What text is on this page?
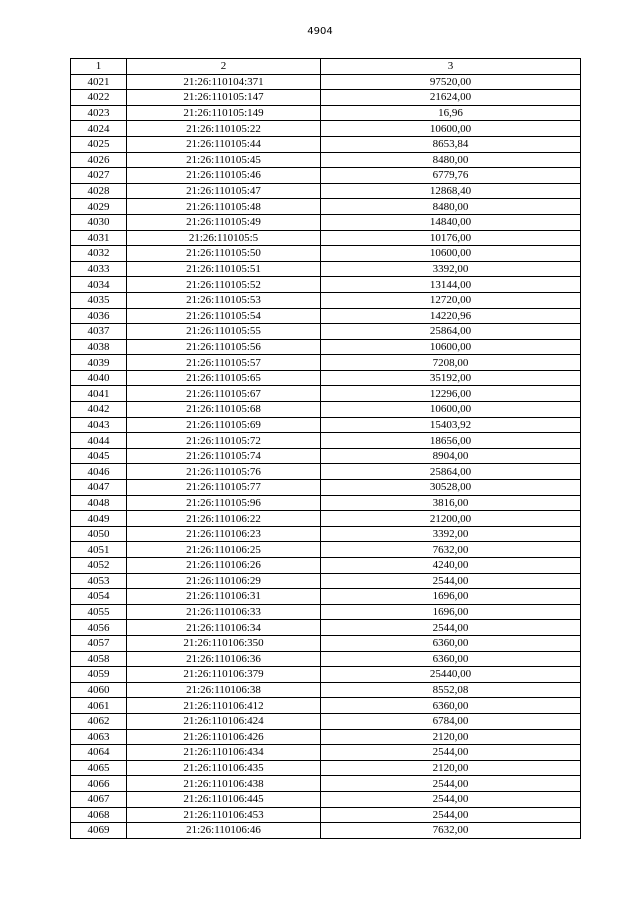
4904
1	2	3
4021	21:26:110104:371	97520,00
4022	21:26:110105:147	21624,00
4023	21:26:110105:149	16,96
4024	21:26:110105:22	10600,00
4025	21:26:110105:44	8653,84
4026	21:26:110105:45	8480,00
4027	21:26:110105:46	6779,76
4028	21:26:110105:47	12868,40
4029	21:26:110105:48	8480,00
4030	21:26:110105:49	14840,00
4031	21:26:110105:5	10176,00
4032	21:26:110105:50	10600,00
4033	21:26:110105:51	3392,00
4034	21:26:110105:52	13144,00
4035	21:26:110105:53	12720,00
4036	21:26:110105:54	14220,96
4037	21:26:110105:55	25864,00
4038	21:26:110105:56	10600,00
4039	21:26:110105:57	7208,00
4040	21:26:110105:65	35192,00
4041	21:26:110105:67	12296,00
4042	21:26:110105:68	10600,00
4043	21:26:110105:69	15403,92
4044	21:26:110105:72	18656,00
4045	21:26:110105:74	8904,00
4046	21:26:110105:76	25864,00
4047	21:26:110105:77	30528,00
4048	21:26:110105:96	3816,00
4049	21:26:110106:22	21200,00
4050	21:26:110106:23	3392,00
4051	21:26:110106:25	7632,00
4052	21:26:110106:26	4240,00
4053	21:26:110106:29	2544,00
4054	21:26:110106:31	1696,00
4055	21:26:110106:33	1696,00
4056	21:26:110106:34	2544,00
4057	21:26:110106:350	6360,00
4058	21:26:110106:36	6360,00
4059	21:26:110106:379	25440,00
4060	21:26:110106:38	8552,08
4061	21:26:110106:412	6360,00
4062	21:26:110106:424	6784,00
4063	21:26:110106:426	2120,00
4064	21:26:110106:434	2544,00
4065	21:26:110106:435	2120,00
4066	21:26:110106:438	2544,00
4067	21:26:110106:445	2544,00
4068	21:26:110106:453	2544,00
4069	21:26:110106:46	7632,00
